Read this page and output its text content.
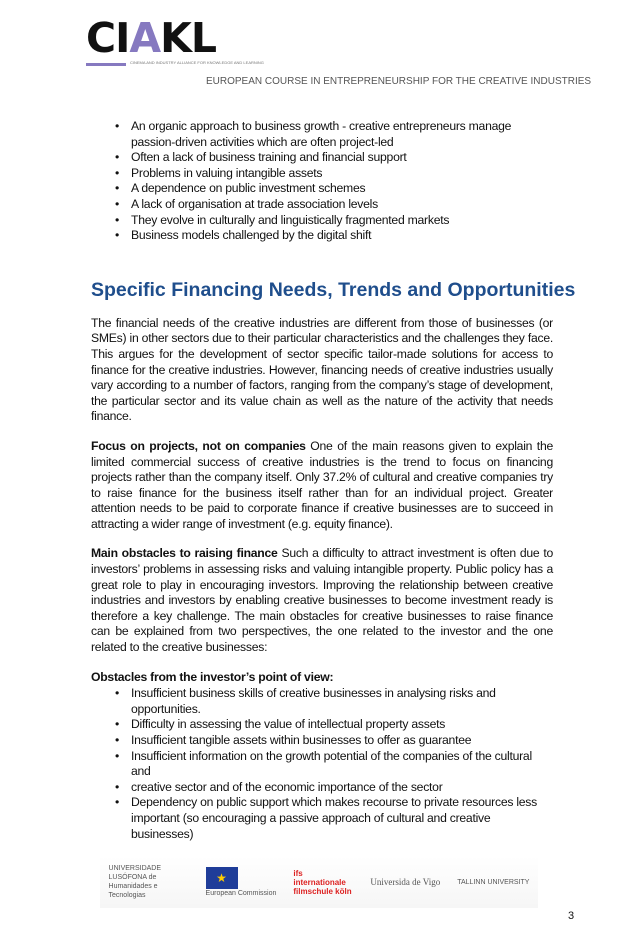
CIAKL
CINEMA AND INDUSTRY ALLIANCE FOR KNOWLEDGE AND LEARNING
EUROPEAN COURSE IN ENTREPRENEURSHIP FOR THE CREATIVE INDUSTRIES
• An organic approach to business growth - creative entrepreneurs manage passion-driven activities which are often project-led
• Often a lack of business training and financial support
• Problems in valuing intangible assets
• A dependence on public investment schemes
• A lack of organisation at trade association levels
• They evolve in culturally and linguistically fragmented markets
• Business models challenged by the digital shift
Specific Financing Needs, Trends and Opportunities

The financial needs of the creative industries are different from those of businesses (or SMEs) in other sectors due to their particular characteristics and the challenges they face. This argues for the development of sector specific tailor-made solutions for access to finance for the creative industries. However, financing needs of creative industries usually vary according to a number of factors, ranging from the company’s stage of development, the particular sector and its value chain as well as the nature of the activity that needs finance.

Focus on projects, not on companies One of the main reasons given to explain the limited commercial success of creative industries is the trend to focus on financing projects rather than the company itself. Only 37.2% of cultural and creative companies try to raise finance for the business itself rather than for an individual project. Greater attention needs to be paid to corporate finance if creative businesses are to succeed in attracting a wider range of investment (e.g. equity finance).

Main obstacles to raising finance Such a difficulty to attract investment is often due to investors’ problems in assessing risks and valuing intangible property. Public policy has a great role to play in encouraging investors. Improving the relationship between creative industries and investors by enabling creative businesses to become investment ready is therefore a key challenge. The main obstacles for creative businesses to raise finance can be explained from two perspectives, the one related to the investor and the one related to the creative businesses:

Obstacles from the investor’s point of view:
• Insufficient business skills of creative businesses in analysing risks and opportunities.
• Difficulty in assessing the value of intellectual property assets
• Insufficient tangible assets within businesses to offer as guarantee
• Insufficient information on the growth potential of the companies of the cultural and
• creative sector and of the economic importance of the sector
• Dependency on public support which makes recourse to private resources less important (so encouraging a passive approach of cultural and creative businesses)
UNIVERSIDADE LUSÓFONA de Humanidades e Tecnologias
★
European Commission
ifs internationale filmschule köln
Universida de Vigo TALLINN UNIVERSITY
3
